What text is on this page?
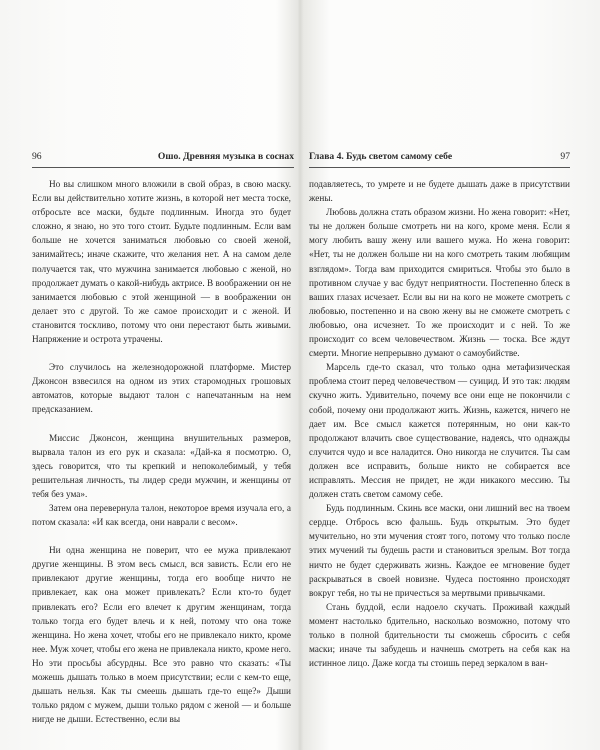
96	Ошо. Древняя музыка в соснах

Но вы слишком много вложили в свой образ, в свою маску. Если вы действительно хотите жизнь, в которой нет места тоске, отбросьте все маски, будьте подлинным. Иногда это будет сложно, я знаю, но это того стоит. Будьте подлинным. Если вам больше не хочется заниматься любовью со своей женой, занимайтесь; иначе скажите, что желания нет. А на самом деле получается так, что мужчина занимается любовью с женой, но продолжает думать о какой-нибудь актрисе. В воображении он не занимается любовью с этой женщиной — в воображении он делает это с другой. То же самое происходит и с женой. И становится тоскливо, потому что они перестают быть живыми. Напряжение и острота утрачены.

Это случилось на железнодорожной платформе. Мистер Джонсон взвесился на одном из этих старомодных грошовых автоматов, которые выдают талон с напечатанным на нем предсказанием.

Миссис Джонсон, женщина внушительных размеров, вырвала талон из его рук и сказала: «Дай-ка я посмотрю. О, здесь говорится, что ты крепкий и непоколебимый, у тебя решительная личность, ты лидер среди мужчин, и женщины от тебя без ума».

Затем она перевернула талон, некоторое время изучала его, а потом сказала: «И как всегда, они наврали с весом».

Ни одна женщина не поверит, что ее мужа привлекают другие женщины. В этом весь смысл, вся зависть. Если его не привлекают другие женщины, тогда его вообще ничто не привлекает, как она может привлекать? Если кто-то будет привлекать его? Если его влечет к другим женщинам, тогда только тогда его будет влечь и к ней, потому что она тоже женщина. Но жена хочет, чтобы его не привлекало никто, кроме нее. Муж хочет, чтобы его жена не привлекала никто, кроме него. Но эти просьбы абсурдны. Все это равно что сказать: «Ты можешь дышать только в моем присутствии; если с кем-то еще, дышать нельзя. Как ты смеешь дышать где-то еще?» Дыши только рядом с мужем, дыши только рядом с женой — и больше нигде не дыши. Естественно, если вы

Глава 4. Будь светом самому себе	97

подавляетесь, то умрете и не будете дышать даже в присутствии жены.

Любовь должна стать образом жизни. Но жена говорит: «Нет, ты не должен больше смотреть ни на кого, кроме меня. Если я могу любить вашу жену или вашего мужа. Но жена говорит: «Нет, ты не должен больше ни на кого смотреть таким любящим взглядом». Тогда вам приходится смириться. Чтобы это было в противном случае у вас будут неприятности. Постепенно блеск в ваших глазах исчезает. Если вы ни на кого не можете смотреть с любовью, постепенно и на свою жену вы не сможете смотреть с любовью, она исчезнет. То же происходит и с ней. То же происходит со всем человечеством. Жизнь — тоска. Все ждут смерти. Многие непрерывно думают о самоубийстве.

Марсель где-то сказал, что только одна метафизическая проблема стоит перед человечеством — суицид. И это так: людям скучно жить. Удивительно, почему все они еще не покончили с собой, почему они продолжают жить. Жизнь, кажется, ничего не дает им. Все смысл кажется потерянным, но они как-то продолжают влачить свое существование, надеясь, что однажды случится чудо и все наладится. Оно никогда не случится. Ты сам должен все исправить, больше никто не собирается все исправлять. Мессия не придет, не жди никакого мессию. Ты должен стать светом самому себе.

Будь подлинным. Скинь все маски, они лишний вес на твоем сердце. Отбрось всю фальшь. Будь открытым. Это будет мучительно, но эти мучения стоят того, потому что только после этих мучений ты будешь расти и становиться зрелым. Вот тогда ничто не будет сдерживать жизнь. Каждое ее мгновение будет раскрываться в своей новизне. Чудеса постоянно происходят вокруг тебя, но ты не причесться за мертвыми привычками.

Стань буддой, если надоело скучать. Проживай каждый момент настолько бдительно, насколько возможно, потому что только в полной бдительности ты сможешь сбросить с себя маски; иначе ты забудешь и начнешь смотреть на себя как на истинное лицо. Даже когда ты стоишь перед зеркалом в ван-
